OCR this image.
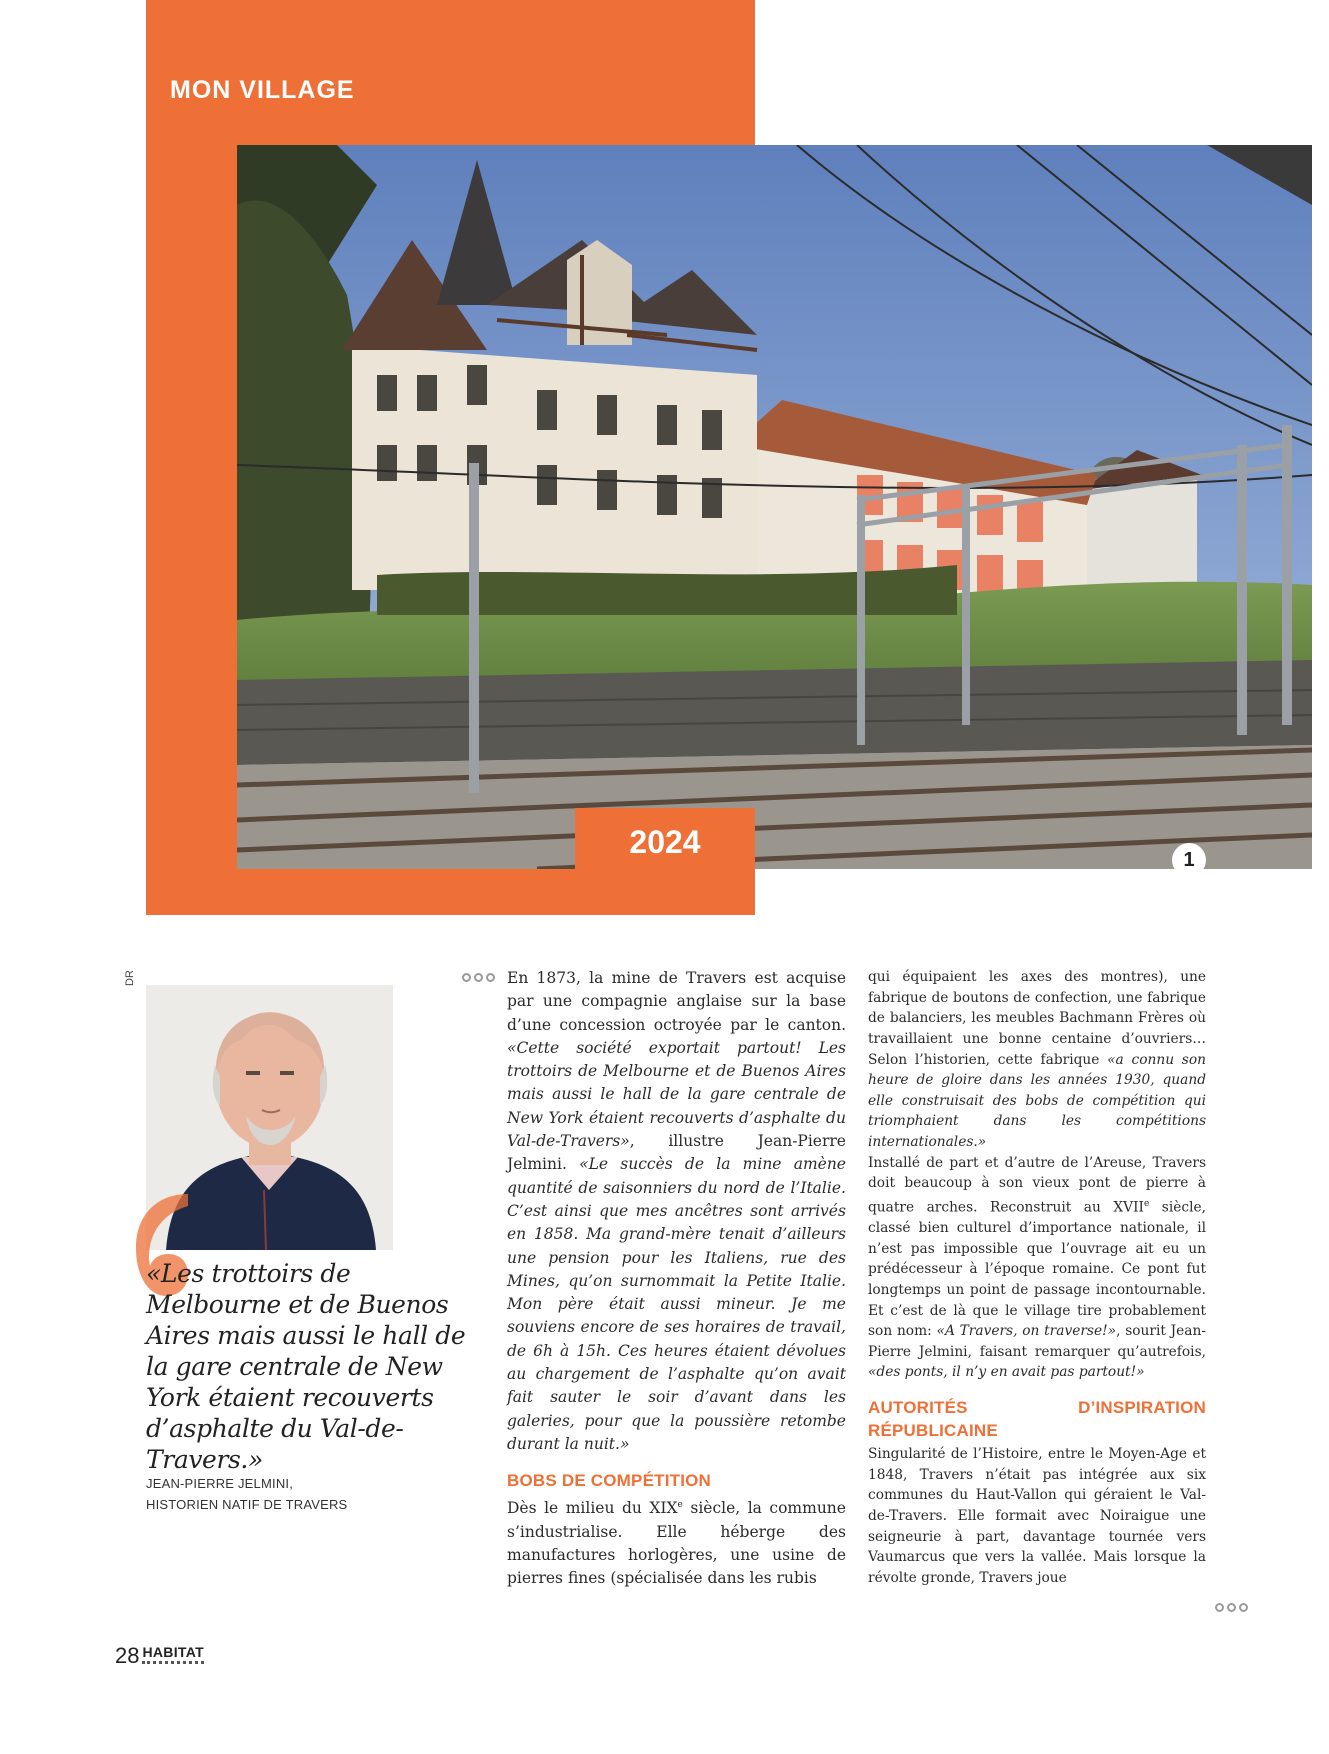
MON VILLAGE
2024	1
DR
«Les trottoirs de Melbourne et de Buenos Aires mais aussi le hall de la gare centrale de New York étaient recouverts d’asphalte du Val-de-Travers.»
JEAN-PIERRE JELMINI,
HISTORIEN NATIF DE TRAVERS

En 1873, la mine de Travers est acquise par une compagnie anglaise sur la base d’une concession octroyée par le canton. «Cette société exportait partout! Les trottoirs de Melbourne et de Buenos Aires mais aussi le hall de la gare centrale de New York étaient recouverts d’asphalte du Val-de-Travers», illustre Jean-Pierre Jelmini. «Le succès de la mine amène quantité de saisonniers du nord de l’Italie. C’est ainsi que mes ancêtres sont arrivés en 1858. Ma grand-mère tenait d’ailleurs une pension pour les Italiens, rue des Mines, qu’on surnommait la Petite Italie. Mon père était aussi mineur. Je me souviens encore de ses horaires de travail, de 6h à 15h. Ces heures étaient dévolues au chargement de l’asphalte qu’on avait fait sauter le soir d’avant dans les galeries, pour que la poussière retombe durant la nuit.»

BOBS DE COMPÉTITION

Dès le milieu du XIXe siècle, la commune s’industrialise. Elle héberge des manufactures horlogères, une usine de pierres fines (spécialisée dans les rubis

qui équipaient les axes des montres), une fabrique de boutons de confection, une fabrique de balanciers, les meubles Bachmann Frères où travaillaient une bonne centaine d’ouvriers… Selon l’historien, cette fabrique «a connu son heure de gloire dans les années 1930, quand elle construisait des bobs de compétition qui triomphaient	dans	les	compétitions internationales.»

Installé de part et d’autre de l’Areuse, Travers doit beaucoup à son vieux pont de pierre à quatre arches. Reconstruit au XVIIe siècle, classé bien culturel d’importance nationale, il n’est pas impossible que l’ouvrage ait eu un prédécesseur à l’époque romaine. Ce pont fut longtemps un point de passage incontournable. Et c’est de là que le village tire probablement son nom: «A Travers, on traverse!», sourit Jean-Pierre Jelmini, faisant remarquer qu’autrefois, «des ponts, il n’y en avait pas partout!»

AUTORITÉS D’INSPIRATION RÉPUBLICAINE

Singularité de l’Histoire, entre le Moyen-Age et 1848, Travers n’était pas intégrée aux six communes du Haut-Vallon qui géraient le Val-de-Travers. Elle formait avec Noiraigue une seigneurie à part, davantage tournée vers Vaumarcus que vers la vallée. Mais lorsque la révolte gronde, Travers joue

28 HABITAT
